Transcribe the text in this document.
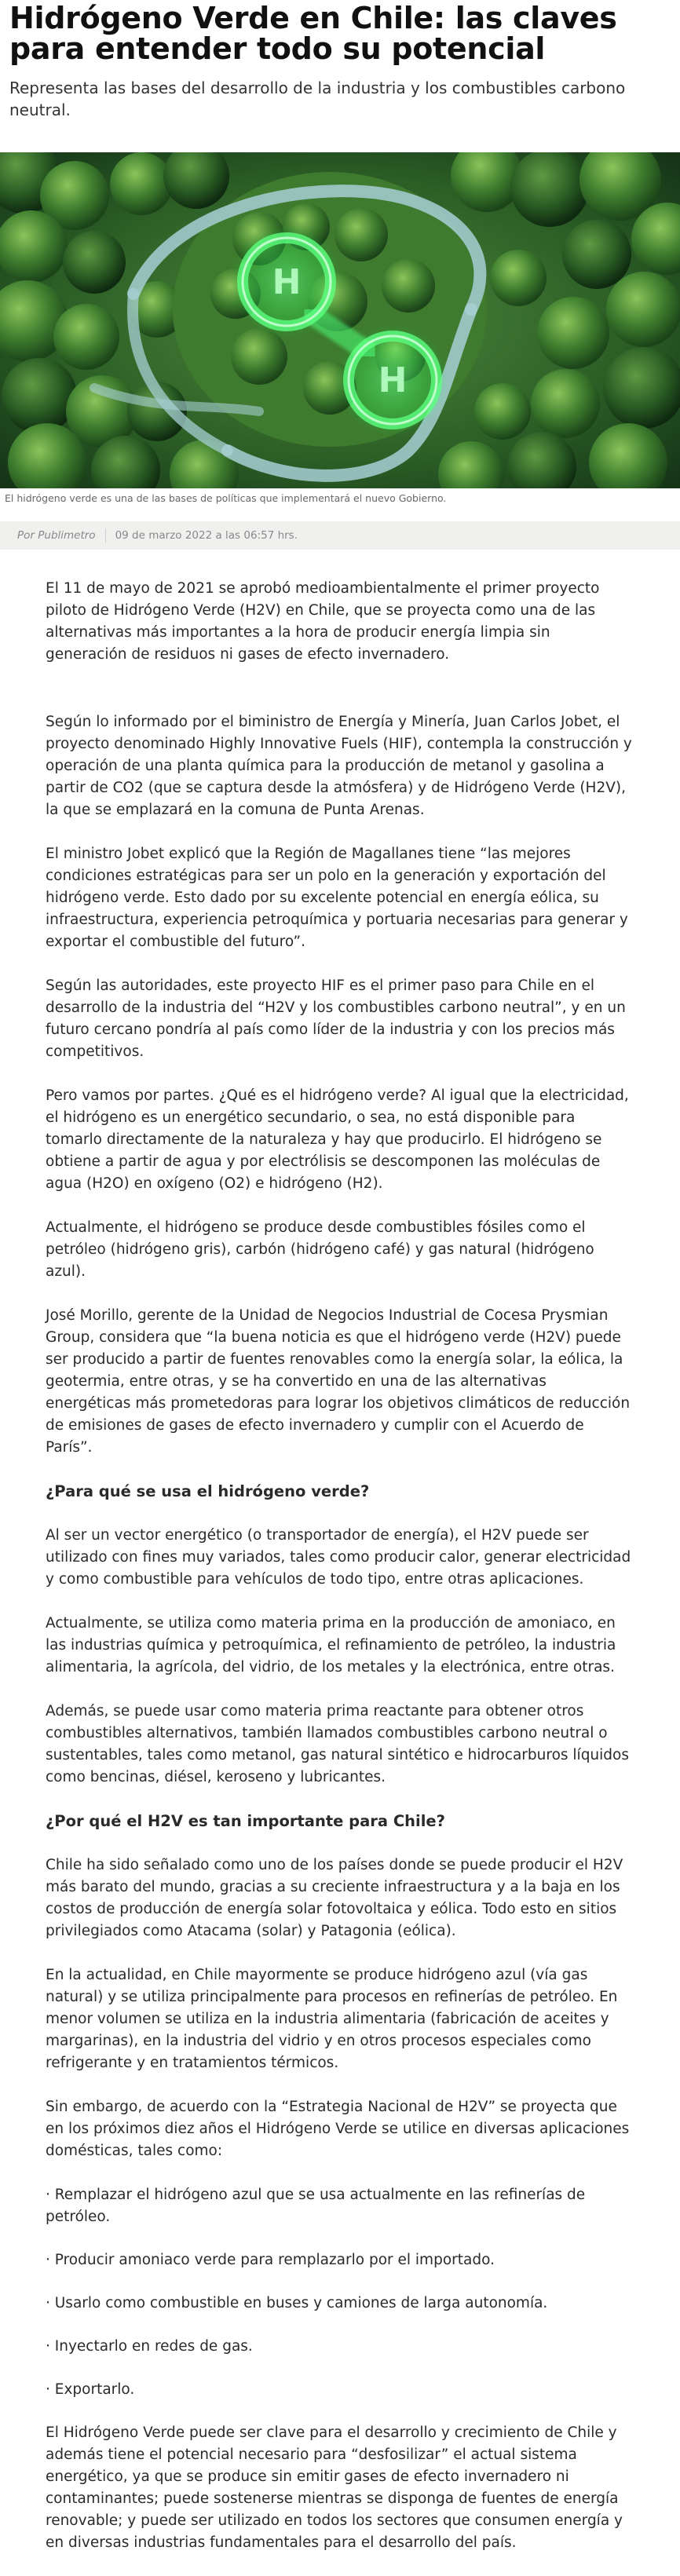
Hidrógeno Verde en Chile: las claves para entender todo su potencial

Representa las bases del desarrollo de la industria y los combustibles carbono neutral.

H
H

El hidrógeno verde es una de las bases de políticas que implementará el nuevo Gobierno.

Por Publimetro 09 de marzo 2022 a las 06:57 hrs.

El 11 de mayo de 2021 se aprobó medioambientalmente el primer proyecto piloto de Hidrógeno Verde (H2V) en Chile, que se proyecta como una de las alternativas más importantes a la hora de producir energía limpia sin generación de residuos ni gases de efecto invernadero.

Según lo informado por el biministro de Energía y Minería, Juan Carlos Jobet, el proyecto denominado Highly Innovative Fuels (HIF), contempla la construcción y operación de una planta química para la producción de metanol y gasolina a partir de CO2 (que se captura desde la atmósfera) y de Hidrógeno Verde (H2V), la que se emplazará en la comuna de Punta Arenas.

El ministro Jobet explicó que la Región de Magallanes tiene “las mejores condiciones estratégicas para ser un polo en la generación y exportación del hidrógeno verde. Esto dado por su excelente potencial en energía eólica, su infraestructura, experiencia petroquímica y portuaria necesarias para generar y exportar el combustible del futuro”.

Según las autoridades, este proyecto HIF es el primer paso para Chile en el desarrollo de la industria del “H2V y los combustibles carbono neutral”, y en un futuro cercano pondría al país como líder de la industria y con los precios más competitivos.

Pero vamos por partes. ¿Qué es el hidrógeno verde? Al igual que la electricidad, el hidrógeno es un energético secundario, o sea, no está disponible para tomarlo directamente de la naturaleza y hay que producirlo. El hidrógeno se obtiene a partir de agua y por electrólisis se descomponen las moléculas de agua (H2O) en oxígeno (O2) e hidrógeno (H2).

Actualmente, el hidrógeno se produce desde combustibles fósiles como el petróleo (hidrógeno gris), carbón (hidrógeno café) y gas natural (hidrógeno azul).

José Morillo, gerente de la Unidad de Negocios Industrial de Cocesa Prysmian Group, considera que “la buena noticia es que el hidrógeno verde (H2V) puede ser producido a partir de fuentes renovables como la energía solar, la eólica, la geotermia, entre otras, y se ha convertido en una de las alternativas energéticas más prometedoras para lograr los objetivos climáticos de reducción de emisiones de gases de efecto invernadero y cumplir con el Acuerdo de París”.

¿Para qué se usa el hidrógeno verde?

Al ser un vector energético (o transportador de energía), el H2V puede ser utilizado con fines muy variados, tales como producir calor, generar electricidad y como combustible para vehículos de todo tipo, entre otras aplicaciones.

Actualmente, se utiliza como materia prima en la producción de amoniaco, en las industrias química y petroquímica, el refinamiento de petróleo, la industria alimentaria, la agrícola, del vidrio, de los metales y la electrónica, entre otras.

Además, se puede usar como materia prima reactante para obtener otros combustibles alternativos, también llamados combustibles carbono neutral o sustentables, tales como metanol, gas natural sintético e hidrocarburos líquidos como bencinas, diésel, keroseno y lubricantes.

¿Por qué el H2V es tan importante para Chile?

Chile ha sido señalado como uno de los países donde se puede producir el H2V más barato del mundo, gracias a su creciente infraestructura y a la baja en los costos de producción de energía solar fotovoltaica y eólica. Todo esto en sitios privilegiados como Atacama (solar) y Patagonia (eólica).

En la actualidad, en Chile mayormente se produce hidrógeno azul (vía gas natural) y se utiliza principalmente para procesos en refinerías de petróleo. En menor volumen se utiliza en la industria alimentaria (fabricación de aceites y margarinas), en la industria del vidrio y en otros procesos especiales como refrigerante y en tratamientos térmicos.

Sin embargo, de acuerdo con la “Estrategia Nacional de H2V” se proyecta que en los próximos diez años el Hidrógeno Verde se utilice en diversas aplicaciones domésticas, tales como:

· Remplazar el hidrógeno azul que se usa actualmente en las refinerías de petróleo.

· Producir amoniaco verde para remplazarlo por el importado.

· Usarlo como combustible en buses y camiones de larga autonomía.

· Inyectarlo en redes de gas.

· Exportarlo.

El Hidrógeno Verde puede ser clave para el desarrollo y crecimiento de Chile y además tiene el potencial necesario para “desfosilizar” el actual sistema energético, ya que se produce sin emitir gases de efecto invernadero ni contaminantes; puede sostenerse mientras se disponga de fuentes de energía renovable; y puede ser utilizado en todos los sectores que consumen energía y en diversas industrias fundamentales para el desarrollo del país.
